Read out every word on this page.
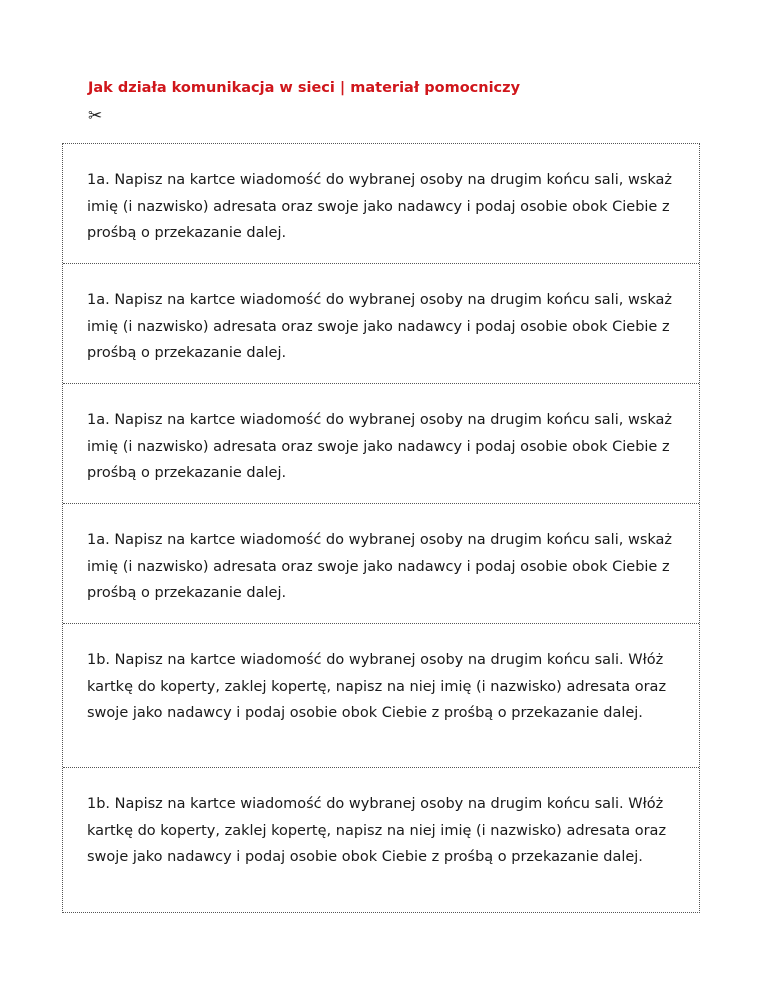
Jak działa komunikacja w sieci | materiał pomocniczy
✂
1a. Napisz na kartce wiadomość do wybranej osoby na drugim końcu sali, wskaż imię (i nazwisko) adresata oraz swoje jako nadawcy i podaj osobie obok Ciebie z prośbą o przekazanie dalej.
1a. Napisz na kartce wiadomość do wybranej osoby na drugim końcu sali, wskaż imię (i nazwisko) adresata oraz swoje jako nadawcy i podaj osobie obok Ciebie z prośbą o przekazanie dalej.
1a. Napisz na kartce wiadomość do wybranej osoby na drugim końcu sali, wskaż imię (i nazwisko) adresata oraz swoje jako nadawcy i podaj osobie obok Ciebie z prośbą o przekazanie dalej.
1a. Napisz na kartce wiadomość do wybranej osoby na drugim końcu sali, wskaż imię (i nazwisko) adresata oraz swoje jako nadawcy i podaj osobie obok Ciebie z prośbą o przekazanie dalej.
1b. Napisz na kartce wiadomość do wybranej osoby na drugim końcu sali. Włóż kartkę do koperty, zaklej kopertę, napisz na niej imię (i nazwisko) adresata oraz swoje jako nadawcy i podaj osobie obok Ciebie z prośbą o przekazanie dalej.
1b. Napisz na kartce wiadomość do wybranej osoby na drugim końcu sali. Włóż kartkę do koperty, zaklej kopertę, napisz na niej imię (i nazwisko) adresata oraz swoje jako nadawcy i podaj osobie obok Ciebie z prośbą o przekazanie dalej.
